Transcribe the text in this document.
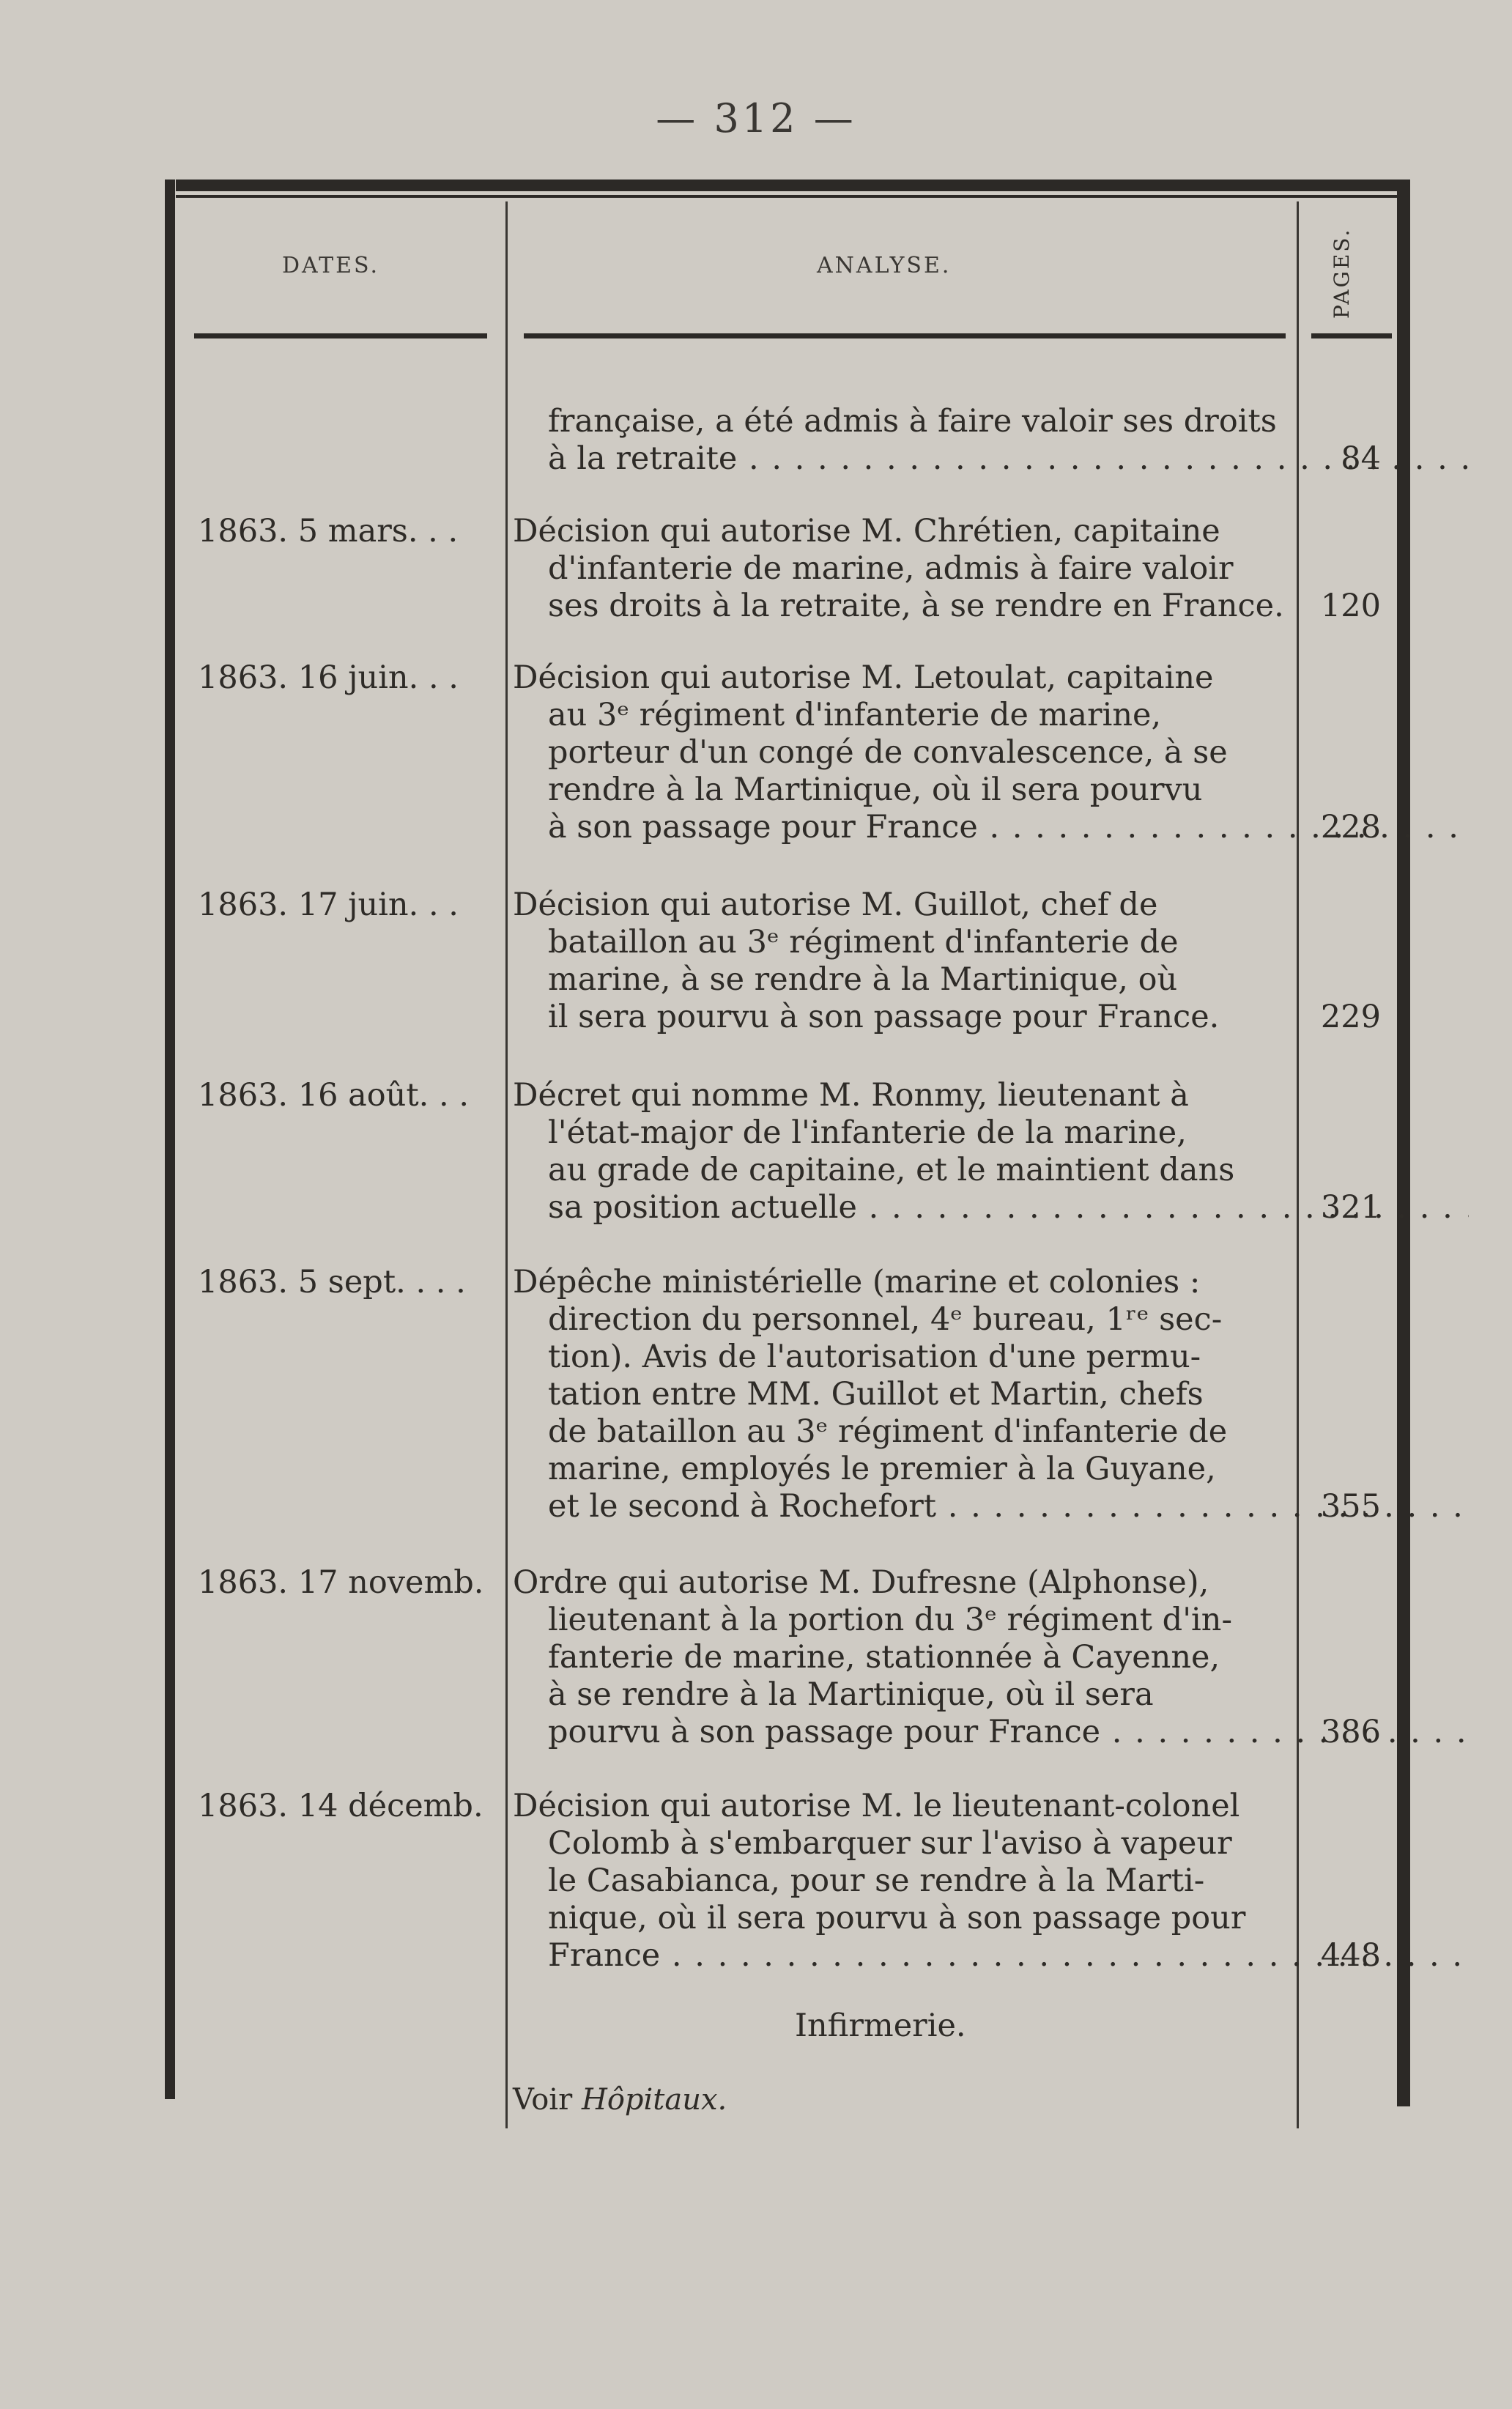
— 312 —
DATES.	ANALYSE.	PAGES.
française, a été admis à faire valoir ses droits
à la retraite . . .	84
1863. 5 mars. . .	Décision qui autorise M. Chrétien, capitaine
d'infanterie de marine, admis à faire valoir
ses droits à la retraite, à se rendre en France.	120
1863. 16 juin. . .	Décision qui autorise M. Letoulat, capitaine
au 3ᵉ régiment d'infanterie de marine,
porteur d'un congé de convalescence, à se
rendre à la Martinique, où il sera pourvu
à son passage pour France . . .	228
1863. 17 juin. . .	Décision qui autorise M. Guillot, chef de
bataillon au 3ᵉ régiment d'infanterie de
marine, à se rendre à la Martinique, où
il sera pourvu à son passage pour France.	229
1863. 16 août. . .	Décret qui nomme M. Ronmy, lieutenant à
l'état-major de l'infanterie de la marine,
au grade de capitaine, et le maintient dans
sa position actuelle . . .	321
1863. 5 sept. . . .	Dépêche ministérielle (marine et colonies :
direction du personnel, 4ᵉ bureau, 1ʳᵉ sec-
tion). Avis de l'autorisation d'une permu-
tation entre MM. Guillot et Martin, chefs
de bataillon au 3ᵉ régiment d'infanterie de
marine, employés le premier à la Guyane,
et le second à Rochefort . . .	355
1863. 17 novemb. Ordre qui autorise M. Dufresne (Alphonse),
lieutenant à la portion du 3ᵉ régiment d'in-
fanterie de marine, stationnée à Cayenne,
à se rendre à la Martinique, où il sera
pourvu à son passage pour France . . .	386
1863. 14 décemb. Décision qui autorise M. le lieutenant-colonel
Colomb à s'embarquer sur l'aviso à vapeur
le Casabianca, pour se rendre à la Marti-
nique, où il sera pourvu à son passage pour
France . . .	448
Infirmerie.
Voir Hôpitaux.
